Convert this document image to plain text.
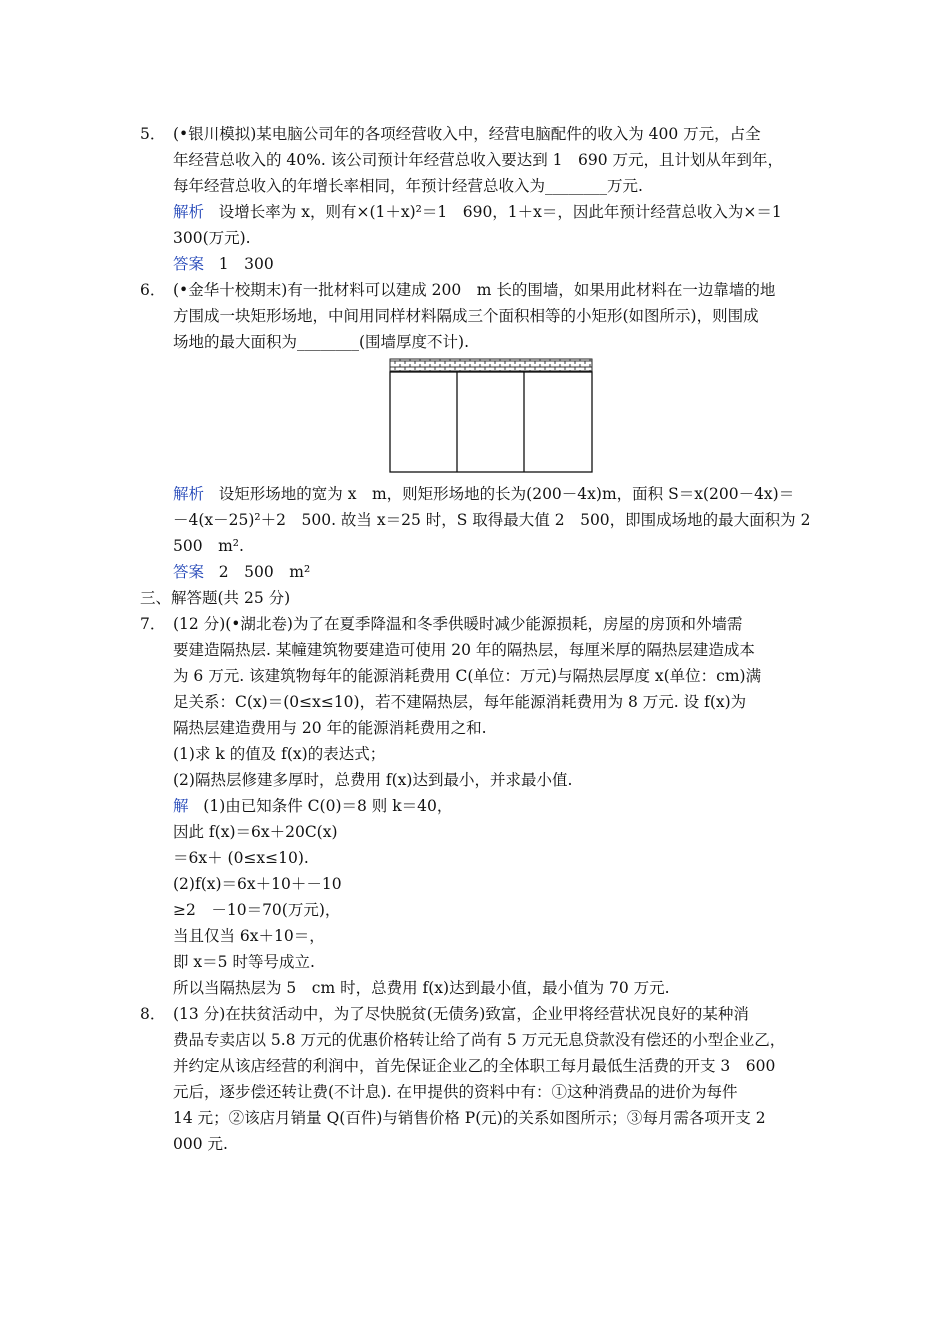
5． (•银川模拟)某电脑公司年的各项经营收入中，经营电脑配件的收入为 400 万元，占全
年经营总收入的 40%. 该公司预计年经营总收入要达到 1　690 万元，且计划从年到年，
每年经营总收入的年增长率相同，年预计经营总收入为________万元.
解析 设增长率为 x，则有×(1＋x)²＝1　690，1＋x＝，因此年预计经营总收入为×＝1
300(万元).
答案 1　300
6． (•金华十校期末)有一批材料可以建成 200　m 长的围墙，如果用此材料在一边靠墙的地
方围成一块矩形场地，中间用同样材料隔成三个面积相等的小矩形(如图所示)，则围成
场地的最大面积为________(围墙厚度不计).
解析 设矩形场地的宽为 x　m，则矩形场地的长为(200－4x)m，面积 S＝x(200－4x)＝
－4(x－25)²＋2　500. 故当 x＝25 时，S 取得最大值 2　500，即围成场地的最大面积为 2
500　m².
答案 2　500　m²
三、解答题(共 25 分)
7． (12 分)(•湖北卷)为了在夏季降温和冬季供暖时减少能源损耗，房屋的房顶和外墙需
要建造隔热层. 某幢建筑物要建造可使用 20 年的隔热层，每厘米厚的隔热层建造成本
为 6 万元. 该建筑物每年的能源消耗费用 C(单位：万元)与隔热层厚度 x(单位：cm)满
足关系：C(x)＝(0≤x≤10)，若不建隔热层，每年能源消耗费用为 8 万元. 设 f(x)为
隔热层建造费用与 20 年的能源消耗费用之和.
(1)求 k 的值及 f(x)的表达式；
(2)隔热层修建多厚时，总费用 f(x)达到最小，并求最小值.
解 (1)由已知条件 C(0)＝8 则 k＝40，
因此 f(x)＝6x＋20C(x)
＝6x＋ (0≤x≤10).
(2)f(x)＝6x＋10＋－10
≥2　－10＝70(万元)，
当且仅当 6x＋10＝，
即 x＝5 时等号成立.
所以当隔热层为 5　cm 时，总费用 f(x)达到最小值，最小值为 70 万元.
8． (13 分)在扶贫活动中，为了尽快脱贫(无债务)致富，企业甲将经营状况良好的某种消
费品专卖店以 5.8 万元的优惠价格转让给了尚有 5 万元无息贷款没有偿还的小型企业乙，
并约定从该店经营的利润中，首先保证企业乙的全体职工每月最低生活费的开支 3　600
元后，逐步偿还转让费(不计息). 在甲提供的资料中有：①这种消费品的进价为每件
14 元；②该店月销量 Q(百件)与销售价格 P(元)的关系如图所示；③每月需各项开支 2
000 元.
